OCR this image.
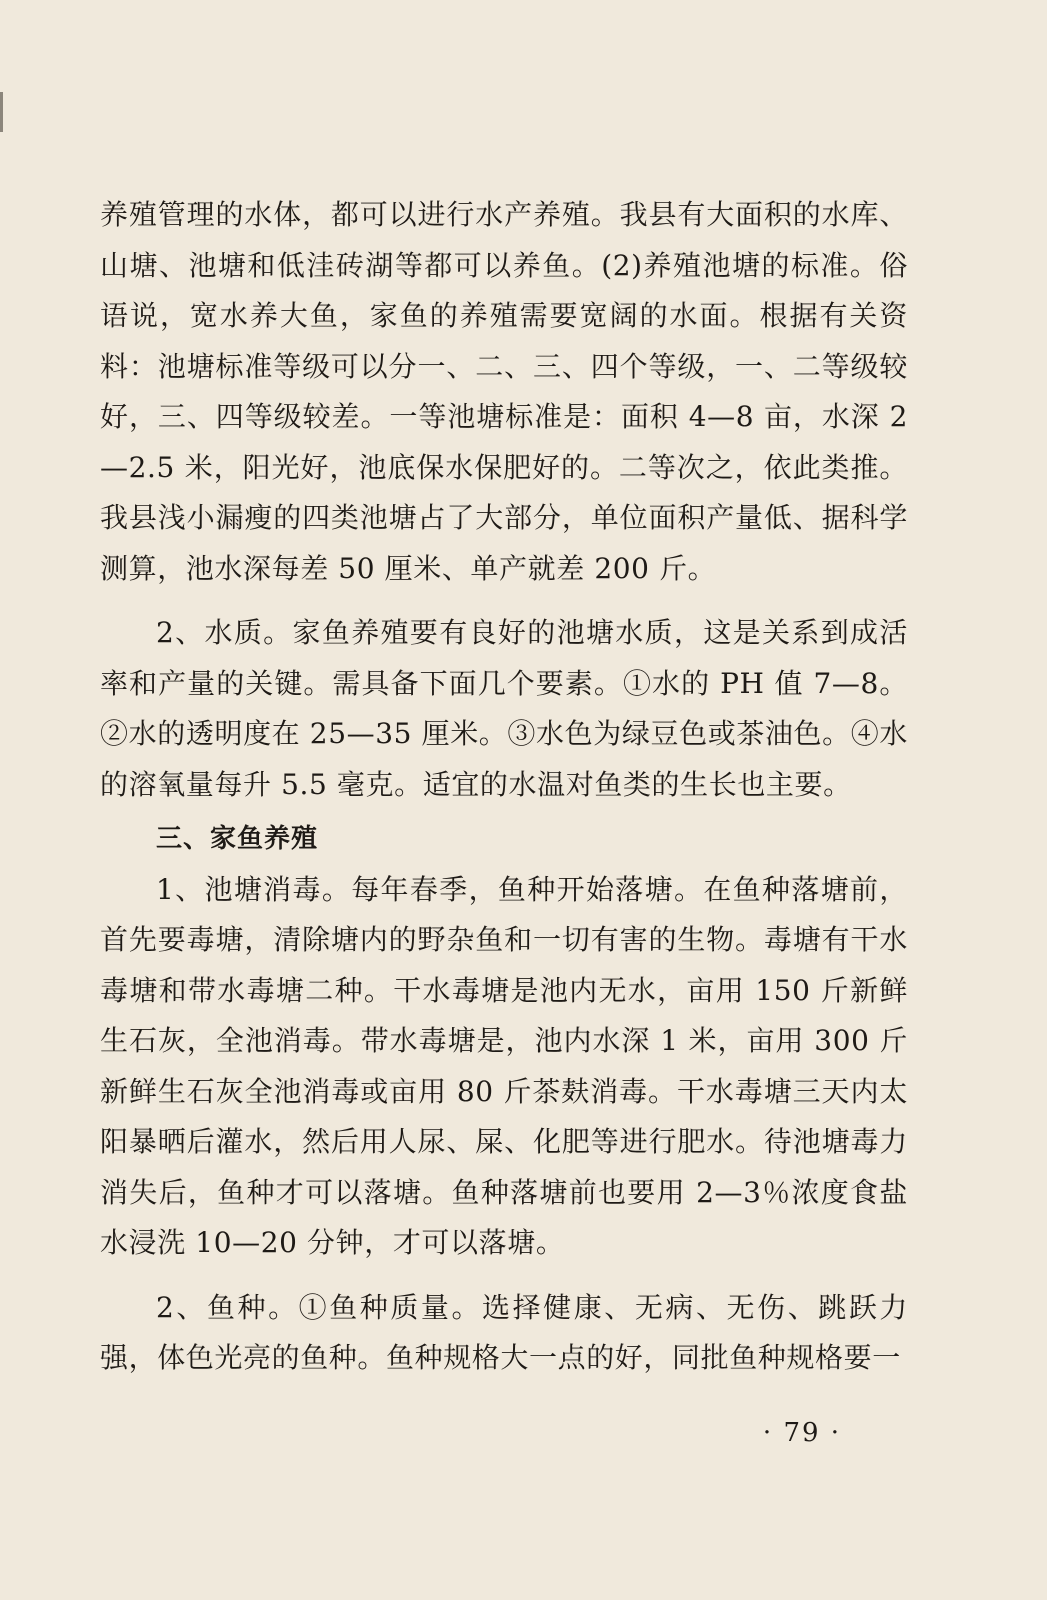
养殖管理的水体，都可以进行水产养殖。我县有大面积的水库、山塘、池塘和低洼砖湖等都可以养鱼。(2)养殖池塘的标准。俗语说，宽水养大鱼，家鱼的养殖需要宽阔的水面。根据有关资料：池塘标准等级可以分一、二、三、四个等级，一、二等级较好，三、四等级较差。一等池塘标准是：面积 4—8 亩，水深 2—2.5 米，阳光好，池底保水保肥好的。二等次之，依此类推。我县浅小漏瘦的四类池塘占了大部分，单位面积产量低、据科学测算，池水深每差 50 厘米、单产就差 200 斤。

2、水质。家鱼养殖要有良好的池塘水质，这是关系到成活率和产量的关键。需具备下面几个要素。①水的 PH 值 7—8。②水的透明度在 25—35 厘米。③水色为绿豆色或茶油色。④水的溶氧量每升 5.5 毫克。适宜的水温对鱼类的生长也主要。

三、家鱼养殖

1、池塘消毒。每年春季，鱼种开始落塘。在鱼种落塘前，首先要毒塘，清除塘内的野杂鱼和一切有害的生物。毒塘有干水毒塘和带水毒塘二种。干水毒塘是池内无水，亩用 150 斤新鲜生石灰，全池消毒。带水毒塘是，池内水深 1 米，亩用 300 斤新鲜生石灰全池消毒或亩用 80 斤茶麸消毒。干水毒塘三天内太阳暴晒后灌水，然后用人尿、屎、化肥等进行肥水。待池塘毒力消失后，鱼种才可以落塘。鱼种落塘前也要用 2—3％浓度食盐水浸洗 10—20 分钟，才可以落塘。

2、鱼种。①鱼种质量。选择健康、无病、无伤、跳跃力强，体色光亮的鱼种。鱼种规格大一点的好，同批鱼种规格要一

· 79 ·
